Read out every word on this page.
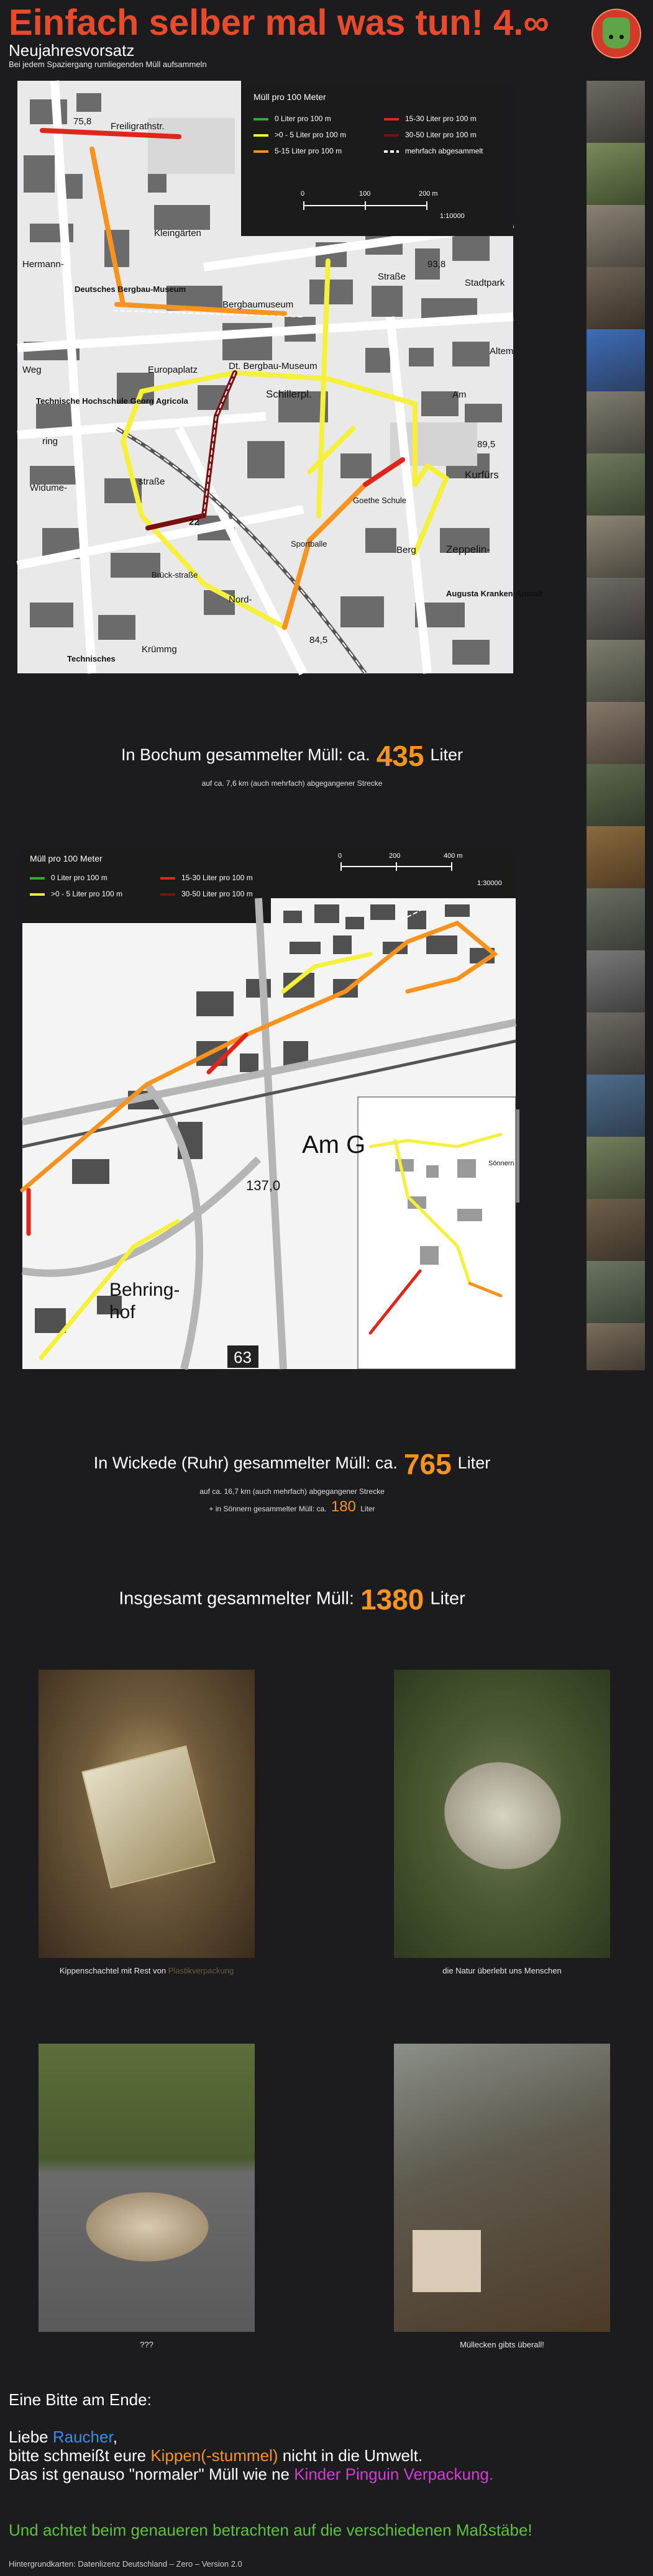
Einfach selber mal was tun! 4.∞
Neujahresvorsatz
Bei jedem Spaziergang rumliegenden Müll aufsammeln
75,8 Freiligrathstr.
Kleingärten
Deutsches Bergbau-Museum
Europaplatz	Dt. Bergbau-Museum
Technische Hochschule Georg Agricola
Schillerpl.
ring
Widume-
straße
Sportballe
Goethe Schule
22
Brück-straße
Technisches
84,5
Augusta Kranken-Anstalt
Zeppelin-
Kurfürs
89,5
93,8
Straße
Stadtpark
Am
Altem
Berg
Nord-
Krümmg
Hermann-
Weg
Bergbaumuseum
Müll pro 100 Meter
0 Liter pro 100 m
>0 - 5 Liter pro 100 m
5-15 Liter pro 100 m
15-30 Liter pro 100 m
30-50 Liter pro 100 m
mehrfach abgesammelt
0	100	200 m
1:10000
In Bochum gesammelter Müll: ca. 435 Liter
auf ca. 7,6 km (auch mehrfach) abgegangener Strecke
Müll pro 100 Meter
0 Liter pro 100 m
>0 - 5 Liter pro 100 m
15-30 Liter pro 100 m
30-50 Liter pro 100 m
0	200	400 m
1:30000
Am G
Behring-
hof
63
137,0
Sönnern
In Wickede (Ruhr) gesammelter Müll: ca. 765 Liter
auf ca. 16,7 km (auch mehrfach) abgegangener Strecke
+ in Sönnern gesammelter Müll: ca. 180 Liter
Insgesamt gesammelter Müll: 1380 Liter
Kippenschachtel mit Rest von Plastikverpackung	die Natur überlebt uns Menschen
???	Müllecken gibts überall!
Eine Bitte am Ende:
Liebe Raucher,
bitte schmeißt eure Kippen(-stummel) nicht in die Umwelt.
Das ist genauso "normaler" Müll wie ne Kinder Pinguin Verpackung.
Und achtet beim genaueren betrachten auf die verschiedenen Maßstäbe!
Hintergrundkarten: Datenlizenz Deutschland – Zero – Version 2.0
